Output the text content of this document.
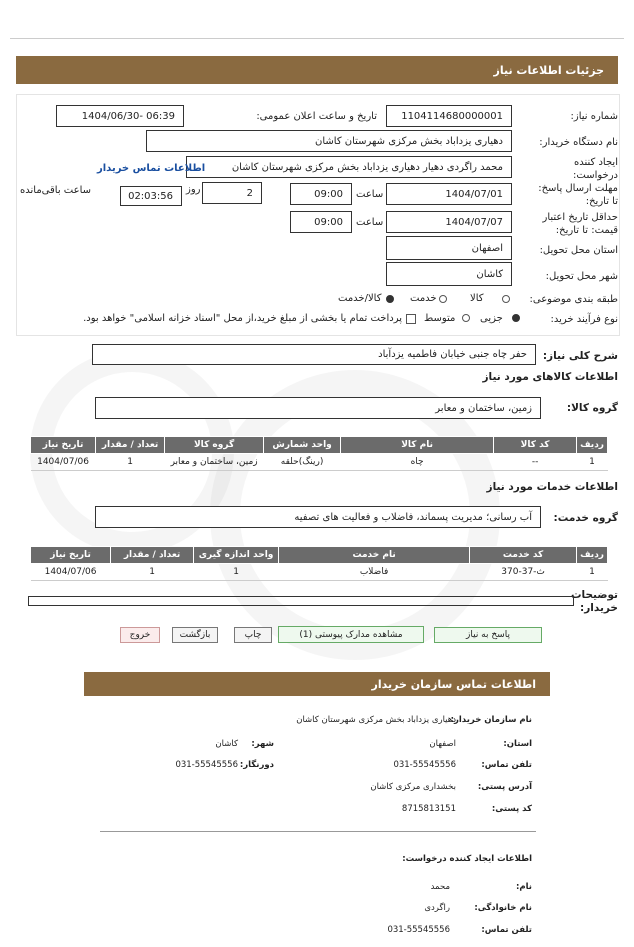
جزئیات اطلاعات نیاز
شماره نیاز:
1104114680000001
تاریخ و ساعت اعلان عمومی:
1404/06/30- 06:39
نام دستگاه خریدار:
دهیاری یزداباد بخش مرکزی شهرستان کاشان
ایجاد کننده درخواست:
محمد راگردی دهیار دهیاری یزداباد بخش مرکزی شهرستان کاشان
اطلاعات تماس خریدار
مهلت ارسال پاسخ: تا تاریخ:
1404/07/01
ساعت
09:00
2
روز
02:03:56
ساعت باقی‌مانده
حداقل تاریخ اعتبار قیمت: تا تاریخ:
1404/07/07
ساعت
09:00
استان محل تحویل:
اصفهان
شهر محل تحویل:
کاشان
طبقه بندی موضوعی:
کالا
خدمت
کالا/خدمت
نوع فرآیند خرید:
جزیی
متوسط
پرداخت تمام یا بخشی از مبلغ خرید،از محل "اسناد خزانه اسلامی" خواهد بود.
شرح کلی نیاز:
حفر چاه جنبی خیابان فاطمیه یزدآباد
اطلاعات کالاهای مورد نیاز
گروه کالا:
زمین، ساختمان و معابر
ردیف	کد کالا	نام کالا	واحد شمارش	گروه کالا	تعداد / مقدار	تاریخ نیاز
1	--	چاه	(رینگ)حلقه	زمین، ساختمان و معابر	1	1404/07/06
اطلاعات خدمات مورد نیاز
گروه خدمت:
آب رسانی؛ مدیریت پسماند، فاضلاب و فعالیت های تصفیه
ردیف	کد خدمت	نام خدمت	واحد اندازه گیری	تعداد / مقدار	تاریخ نیاز
1	ث-37-370	فاضلاب	1	1	1404/07/06
توضیحات خریدار:
پاسخ به نیاز
مشاهده مدارک پیوستی (1)
چاپ
بازگشت
خروج
اطلاعات تماس سازمان خریدار
نام سازمان خریدار:
دهیاری یزداباد بخش مرکزی شهرستان کاشان
استان:
اصفهان
شهر:
کاشان
تلفن تماس:
031-55545556
دورنگار:
031-55545556
آدرس پستی:
بخشداری مرکزی کاشان
کد پستی:
8715813151
اطلاعات ایجاد کننده درخواست:
نام:
محمد
نام خانوادگی:
راگردی
تلفن تماس:
031-55545556
